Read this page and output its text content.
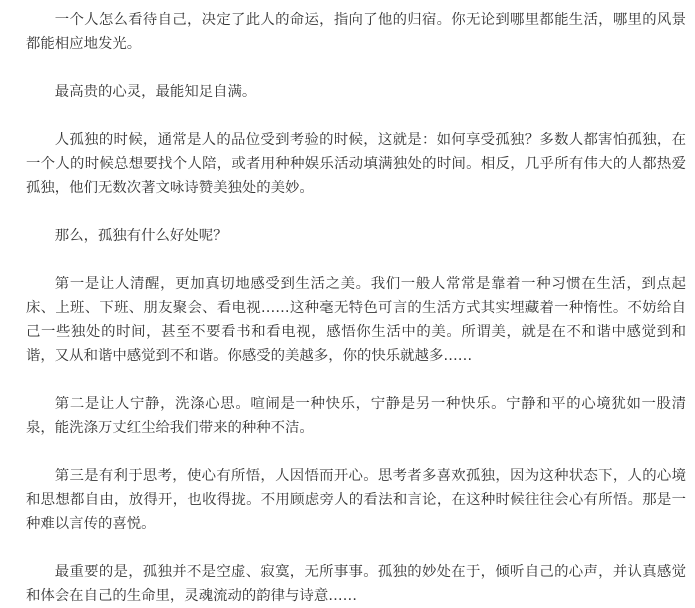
一个人怎么看待自己，决定了此人的命运，指向了他的归宿。你无论到哪里都能生活，哪里的风景都能相应地发光。

最高贵的心灵，最能知足自满。

人孤独的时候，通常是人的品位受到考验的时候，这就是：如何享受孤独？多数人都害怕孤独，在一个人的时候总想要找个人陪，或者用种种娱乐活动填满独处的时间。相反，几乎所有伟大的人都热爱孤独，他们无数次著文咏诗赞美独处的美妙。

那么，孤独有什么好处呢？

第一是让人清醒，更加真切地感受到生活之美。我们一般人常常是靠着一种习惯在生活，到点起床、上班、下班、朋友聚会、看电视……这种毫无特色可言的生活方式其实埋藏着一种惰性。不妨给自己一些独处的时间，甚至不要看书和看电视，感悟你生活中的美。所谓美，就是在不和谐中感觉到和谐，又从和谐中感觉到不和谐。你感受的美越多，你的快乐就越多……

第二是让人宁静，洗涤心思。喧闹是一种快乐，宁静是另一种快乐。宁静和平的心境犹如一股清泉，能洗涤万丈红尘给我们带来的种种不洁。

第三是有利于思考，使心有所悟，人因悟而开心。思考者多喜欢孤独，因为这种状态下，人的心境和思想都自由，放得开，也收得拢。不用顾虑旁人的看法和言论，在这种时候往往会心有所悟。那是一种难以言传的喜悦。

最重要的是，孤独并不是空虚、寂寞，无所事事。孤独的妙处在于，倾听自己的心声，并认真感觉和体会在自己的生命里，灵魂流动的韵律与诗意……
